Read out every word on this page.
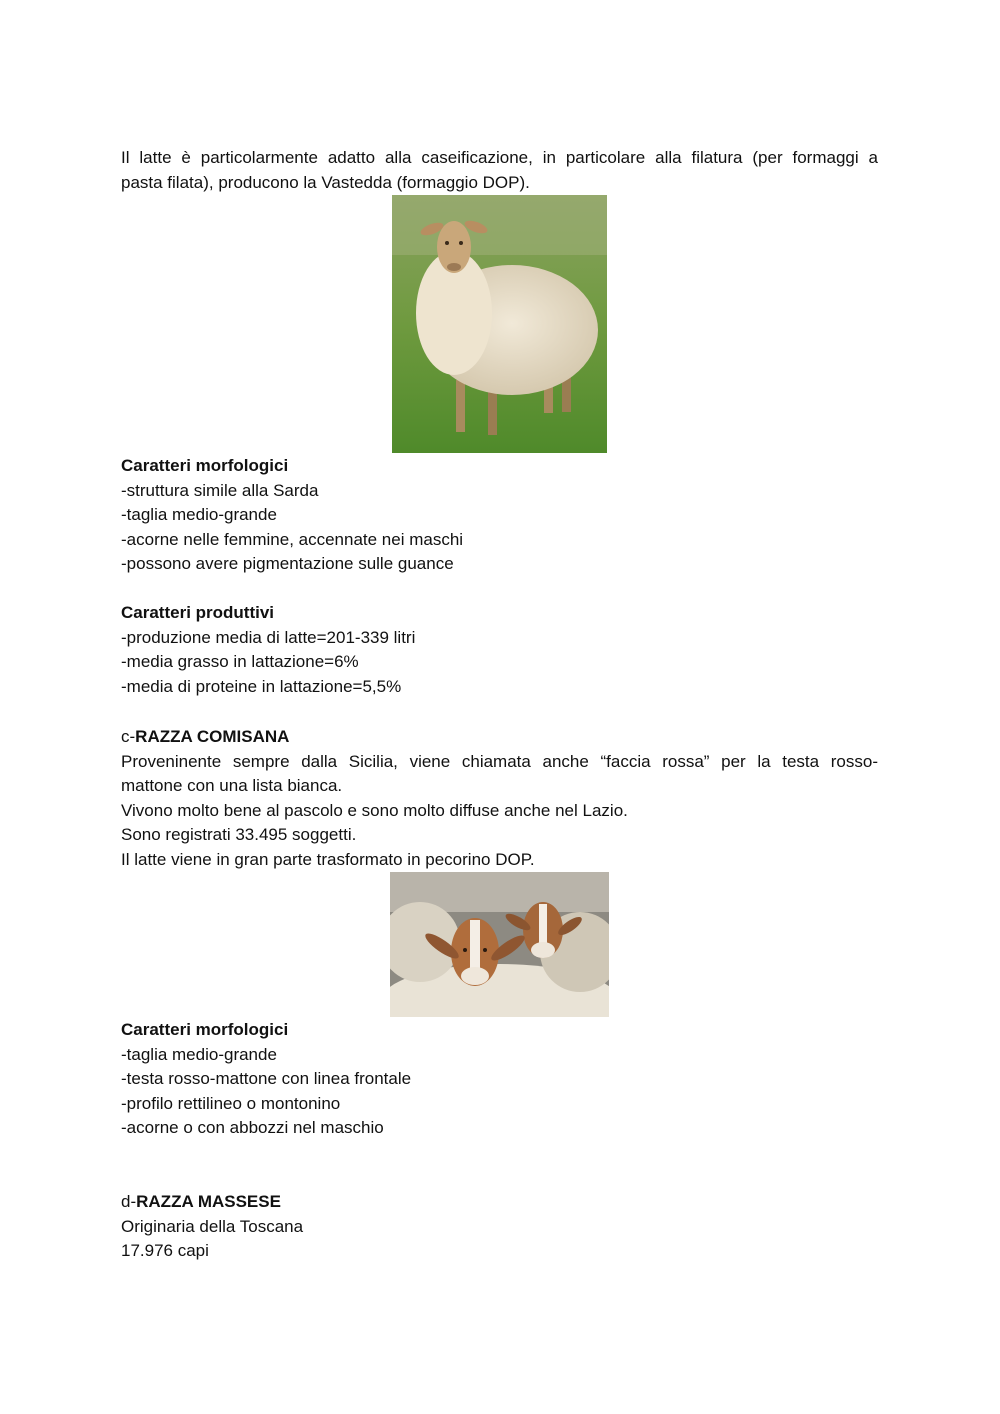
Il latte è particolarmente adatto alla caseificazione, in particolare alla filatura (per formaggi a

pasta filata), producono la Vastedda (formaggio DOP).

Caratteri morfologici

-struttura simile alla Sarda

-taglia medio-grande

-acorne nelle femmine, accennate nei maschi

-possono avere pigmentazione sulle guance

Caratteri produttivi

-produzione media di latte=201-339 litri

-media grasso in lattazione=6%

-media di proteine in lattazione=5,5%

c-RAZZA COMISANA

Proveninente sempre dalla Sicilia, viene chiamata anche “faccia rossa” per la testa rosso-

mattone con una lista bianca.

Vivono molto bene al pascolo e sono molto diffuse anche nel Lazio.

Sono registrati 33.495 soggetti.

Il latte viene in gran parte trasformato in pecorino DOP.

Caratteri morfologici

-taglia medio-grande

-testa rosso-mattone con linea frontale

-profilo rettilineo o montonino

-acorne o con abbozzi nel maschio

d-RAZZA MASSESE

Originaria della Toscana

17.976 capi
